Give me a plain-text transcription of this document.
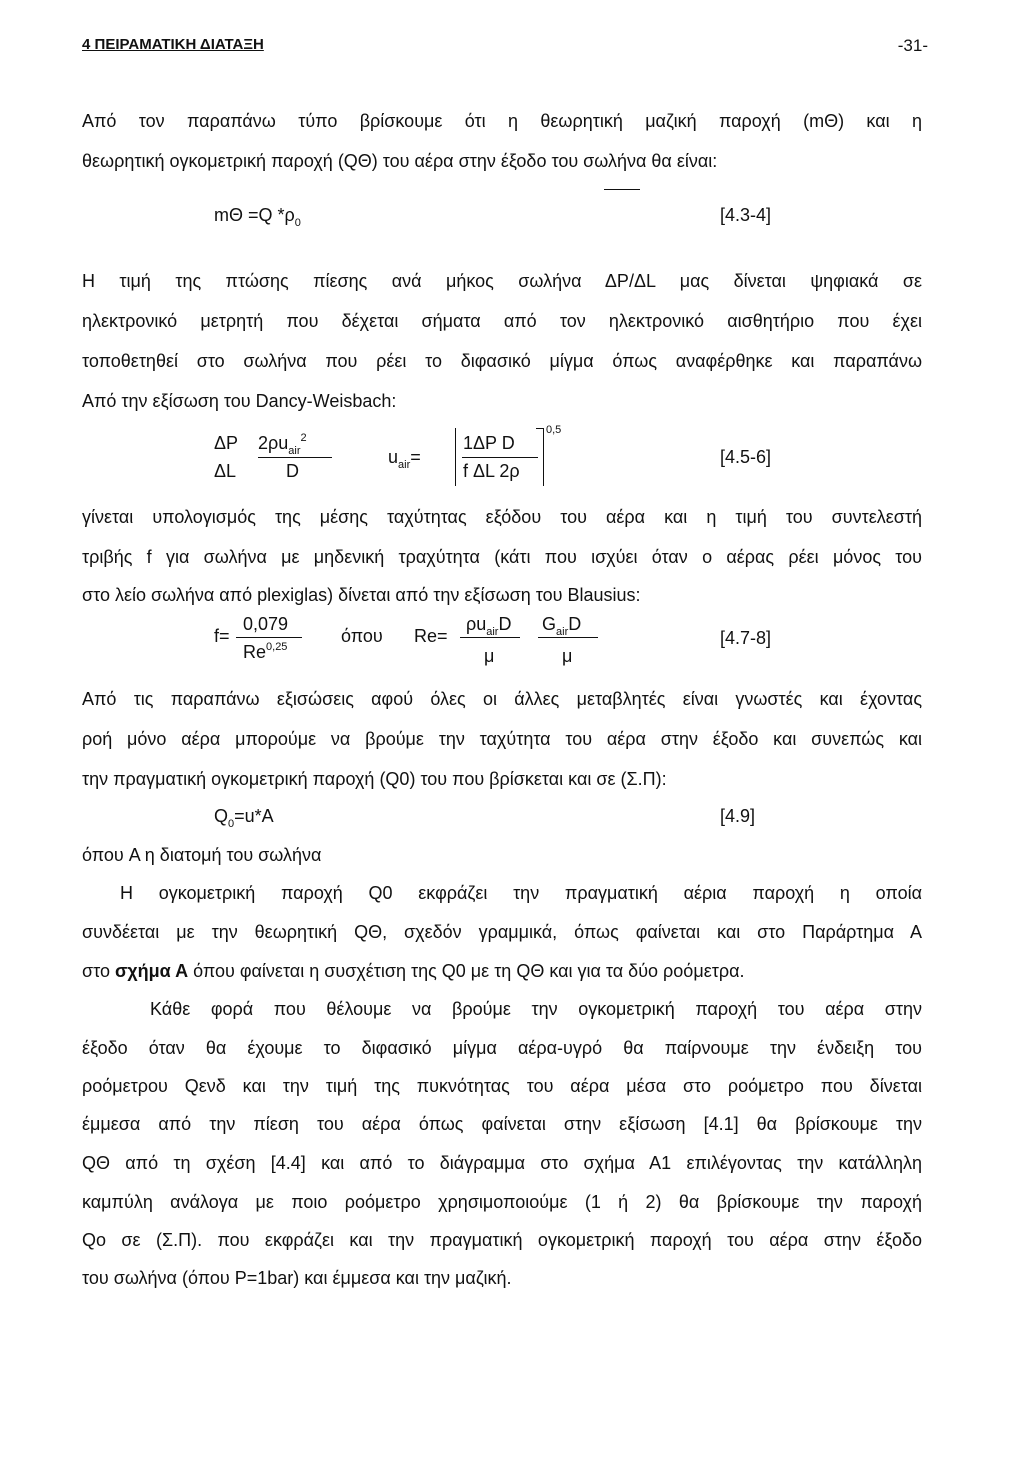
4 ΠΕΙΡΑΜΑΤΙΚΗ ΔΙΑΤΑΞΗ	-31-
Από τον παραπάνω τύπο βρίσκουμε ότι η θεωρητική μαζική παροχή (mΘ) και η
θεωρητική ογκομετρική παροχή (QΘ) του αέρα στην έξοδο του σωλήνα θα είναι:
mΘ =Q $*\rho_0$	[4.3-4]
Η τιμή της πτώσης πίεσης ανά μήκος σωλήνα ΔΡ/ΔL μας δίνεται ψηφιακά σε
ηλεκτρονικό μετρητή που δέχεται σήματα από τον ηλεκτρονικό αισθητήριο που έχει
τοποθετηθεί στο σωλήνα που ρέει το διφασικό μίγμα όπως αναφέρθηκε και παραπάνω
Από την εξίσωση του Dancy-Weisbach:
ΔΡ
ΔL
$2\rho u_{air}^2$
D
$u_{air}=$
1ΔP D
f ΔL 2ρ
0,5
[4.5-6]
γίνεται υπολογισμός της μέσης ταχύτητας εξόδου του αέρα και η τιμή του συντελεστή
τριβής f για σωλήνα με μηδενική τραχύτητα (κάτι που ισχύει όταν ο αέρας ρέει μόνος του
στο λείο σωλήνα από plexiglas) δίνεται από την εξίσωση του Blausius:
f=
0,079
Re$^{0,25}$
όπου Re=
$\rho u_{air}D$
μ
$G_{air}D$
μ
[4.7-8]
Από τις παραπάνω εξισώσεις αφού όλες οι άλλες μεταβλητές είναι γνωστές και έχοντας
ροή μόνο αέρα μπορούμε να βρούμε την ταχύτητα του αέρα στην έξοδο και συνεπώς και
την πραγματική ογκομετρική παροχή (Q0) του που βρίσκεται και σε (Σ.Π):
$Q_0=u*A$	[4.9]
όπου A η διατομή του σωλήνα
Η ογκομετρική παροχή Q0 εκφράζει την πραγματική αέρια παροχή η οποία
συνδέεται με την θεωρητική QΘ, σχεδόν γραμμικά, όπως φαίνεται και στο Παράρτημα Α
στο σχήμα Α όπου φαίνεται η συσχέτιση της Q0 με τη QΘ και για τα δύο ροόμετρα.
Κάθε φορά που θέλουμε να βρούμε την ογκομετρική παροχή του αέρα στην
έξοδο όταν θα έχουμε το διφασικό μίγμα αέρα-υγρό θα παίρνουμε την ένδειξη του
ροόμετρου Qενδ και την τιμή της πυκνότητας του αέρα μέσα στο ροόμετρο που δίνεται
έμμεσα από την πίεση του αέρα όπως φαίνεται στην εξίσωση [4.1] θα βρίσκουμε την
QΘ από τη σχέση [4.4] και από το διάγραμμα στο σχήμα Α1 επιλέγοντας την κατάλληλη
καμπύλη ανάλογα με ποιο ροόμετρο χρησιμοποιούμε (1 ή 2) θα βρίσκουμε την παροχή
Qo σε (Σ.Π). που εκφράζει και την πραγματική ογκομετρική παροχή του αέρα στην έξοδο
του σωλήνα (όπου P=1bar) και έμμεσα και την μαζική.
